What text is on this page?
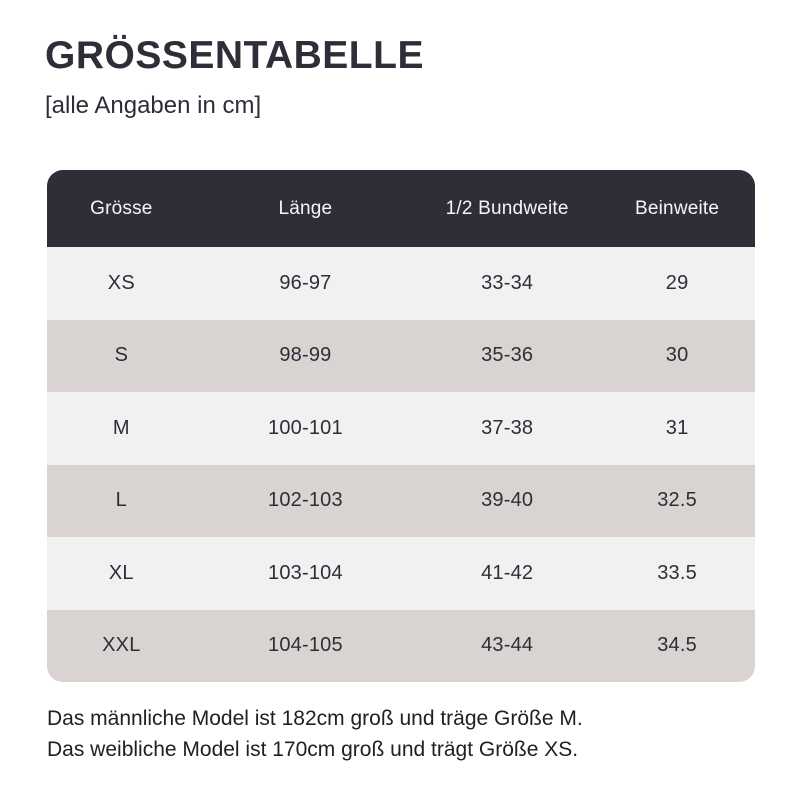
GRÖSSENTABELLE
[alle Angaben in cm]
Grösse	Länge	1/2 Bundweite	Beinweite
XS	96-97	33-34	29
S	98-99	35-36	30
M	100-101	37-38	31
L	102-103	39-40	32.5
XL	103-104	41-42	33.5
XXL	104-105	43-44	34.5
Das männliche Model ist 182cm groß und träge Größe M.
Das weibliche Model ist 170cm groß und trägt Größe XS.
